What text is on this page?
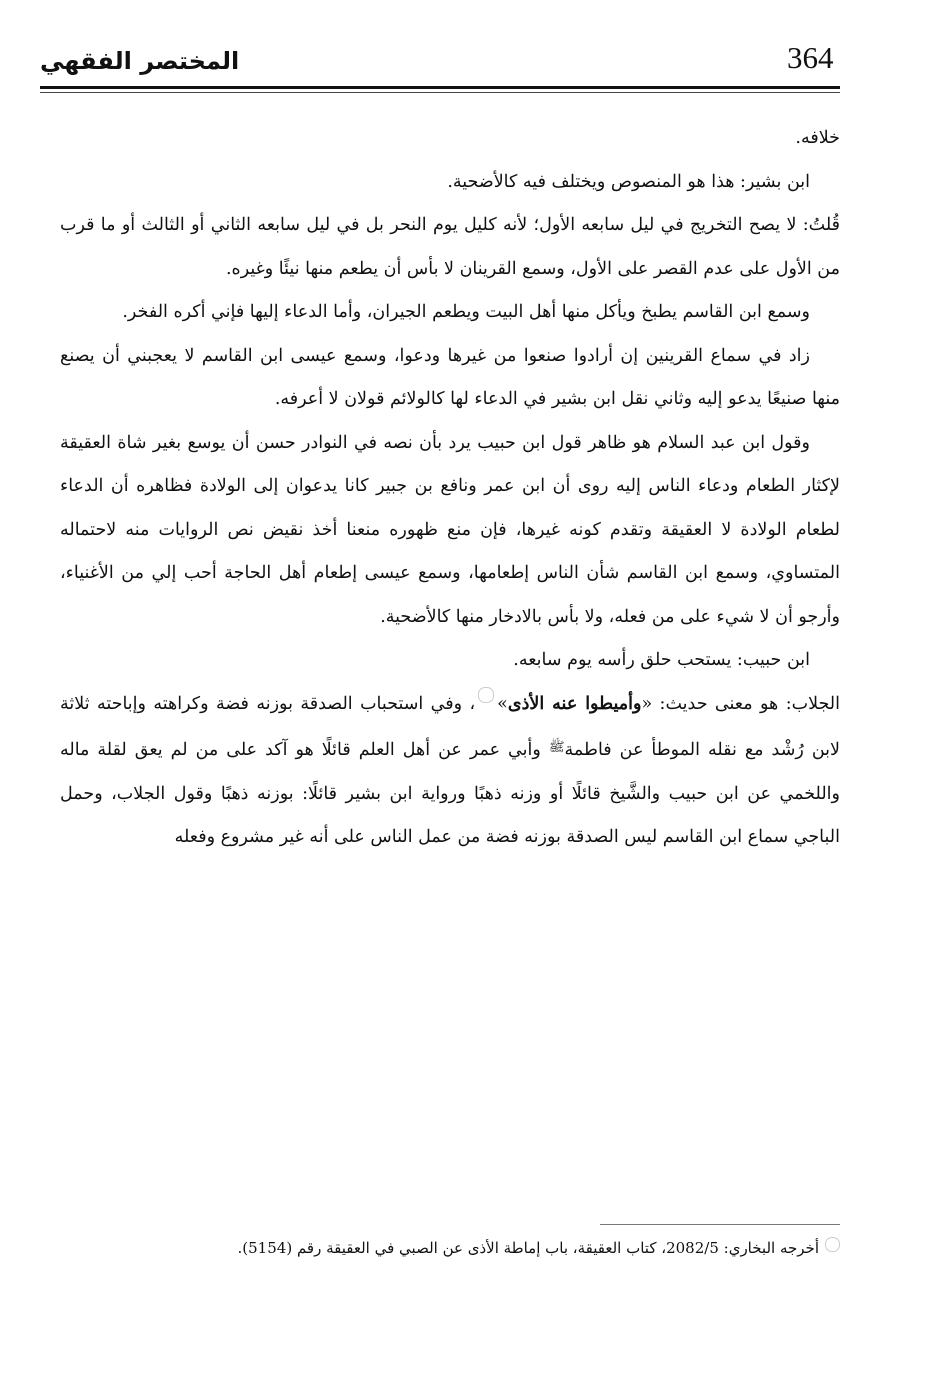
364
المختصر الفقهي

خلافه.

ابن بشير: هذا هو المنصوص ويختلف فيه كالأضحية.

قُلتُ: لا يصح التخريج في ليل سابعه الأول؛ لأنه كليل يوم النحر بل في ليل سابعه الثاني أو الثالث أو ما قرب من الأول على عدم القصر على الأول، وسمع القرينان لا بأس أن يطعم منها نيئًا وغيره.

وسمع ابن القاسم يطبخ ويأكل منها أهل البيت ويطعم الجيران، وأما الدعاء إليها فإني أكره الفخر.

زاد في سماع القرينين إن أرادوا صنعوا من غيرها ودعوا، وسمع عيسى ابن القاسم لا يعجبني أن يصنع منها صنيعًا يدعو إليه وثاني نقل ابن بشير في الدعاء لها كالولائم قولان لا أعرفه.

وقول ابن عبد السلام هو ظاهر قول ابن حبيب يرد بأن نصه في النوادر حسن أن يوسع بغير شاة العقيقة لإكثار الطعام ودعاء الناس إليه روى أن ابن عمر ونافع بن جبير كانا يدعوان إلى الولادة فظاهره أن الدعاء لطعام الولادة لا العقيقة وتقدم كونه غيرها، فإن منع ظهوره منعنا أخذ نقيض نص الروايات منه لاحتماله المتساوي، وسمع ابن القاسم شأن الناس إطعامها، وسمع عيسى إطعام أهل الحاجة أحب إلي من الأغنياء، وأرجو أن لا شيء على من فعله، ولا بأس بالادخار منها كالأضحية.

ابن حبيب: يستحب حلق رأسه يوم سابعه.

الجلاب: هو معنى حديث: «وأميطوا عنه الأذى»، وفي استحباب الصدقة بوزنه فضة وكراهته وإباحته ثلاثة لابن رُشْد مع نقله الموطأ عن فاطمة$^ﷺ$ وأبي عمر عن أهل العلم قائلًا هو آكد على من لم يعق لقلة ماله واللخمي عن ابن حبيب والشَّيخ قائلًا أو وزنه ذهبًا ورواية ابن بشير قائلًا: بوزنه ذهبًا وقول الجلاب، وحمل الباجي سماع ابن القاسم ليس الصدقة بوزنه فضة من عمل الناس على أنه غير مشروع وفعله

أخرجه البخاري: 2082/5، كتاب العقيقة، باب إماطة الأذى عن الصبي في العقيقة رقم (5154).
